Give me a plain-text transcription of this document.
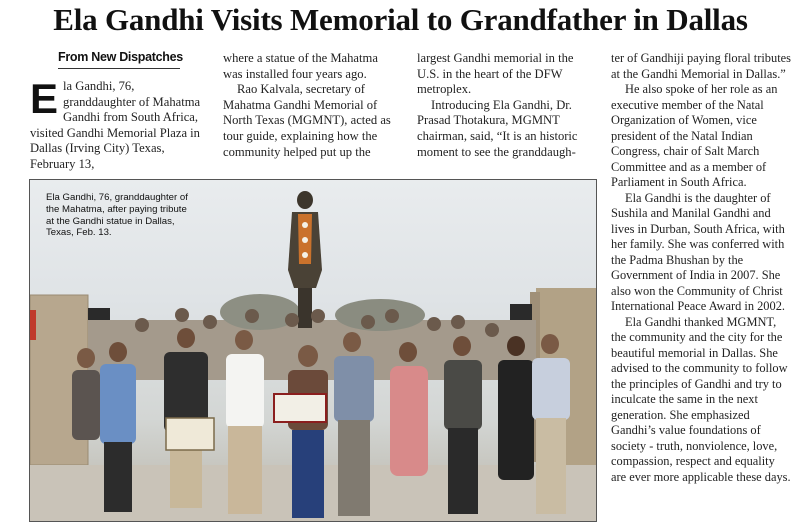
Ela Gandhi Visits Memorial to Grandfather in Dallas
From New Dispatches

Ela Gandhi, 76, granddaughter of Mahatma Gandhi from South Africa, visited Gandhi Memorial Plaza in Dallas (Irving City) Texas, February 13,

where a statue of the Mahatma was installed four years ago.

Rao Kalvala, secretary of Mahatma Gandhi Memorial of North Texas (MGMNT), acted as tour guide, explaining how the community helped put up the

largest Gandhi memorial in the U.S. in the heart of the DFW metroplex.

Introducing Ela Gandhi, Dr. Prasad Thotakura, MGMNT chairman, said, “It is an historic moment to see the granddaugh-

ter of Gandhiji paying floral tributes at the Gandhi Memorial in Dallas.”

He also spoke of her role as an executive member of the Natal Organization of Women, vice president of the Natal Indian Congress, chair of Salt March Committee and as a member of Parliament in South Africa.

Ela Gandhi is the daughter of Sushila and Manilal Gandhi and lives in Durban, South Africa, with her family. She was conferred with the Padma Bhushan by the Government of India in 2007. She also won the Community of Christ International Peace Award in 2002.

Ela Gandhi thanked MGMNT, the community and the city for the beautiful memorial in Dallas. She advised to the community to follow the principles of Gandhi and try to inculcate the same in the next generation. She emphasized Gandhi’s value foundations of society - truth, nonviolence, love, compassion, respect and equality are ever more applicable these days.

Ela Gandhi, 76, granddaughter of the Mahatma, after paying tribute at the Gandhi statue in Dallas, Texas, Feb. 13.
